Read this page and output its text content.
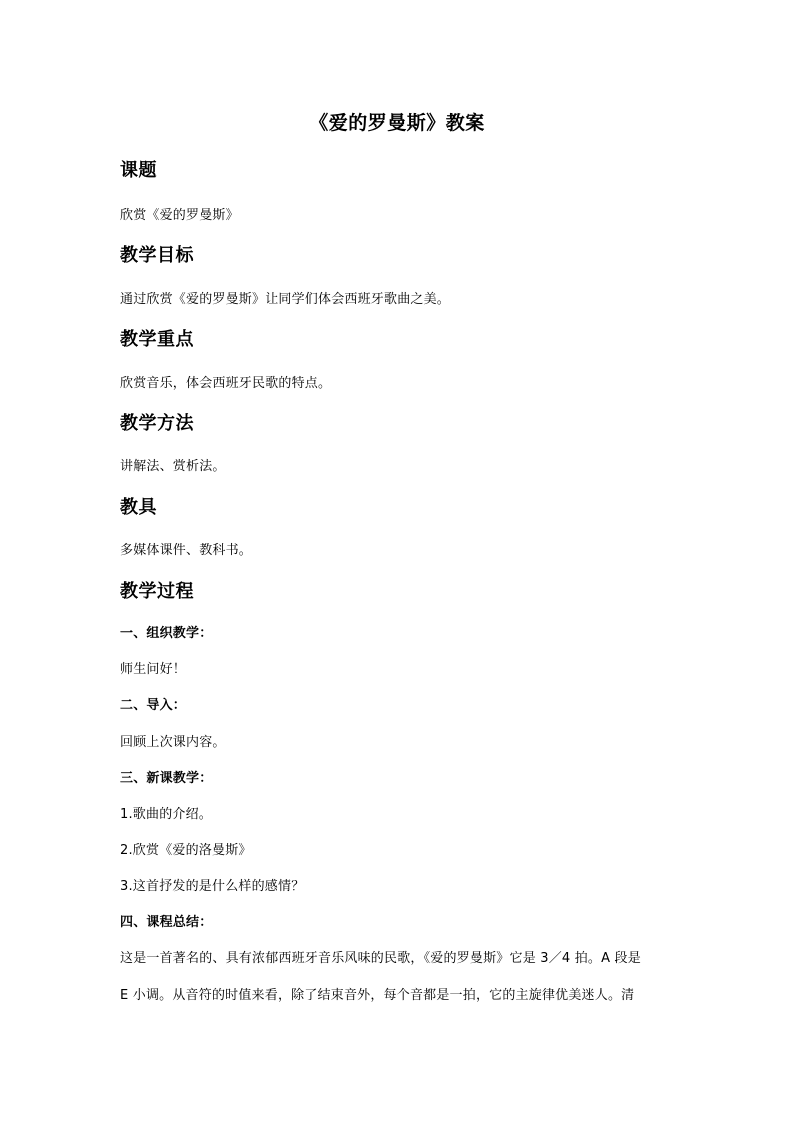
《爱的罗曼斯》教案
课题
欣赏《爱的罗曼斯》
教学目标
通过欣赏《爱的罗曼斯》让同学们体会西班牙歌曲之美。
教学重点
欣赏音乐，体会西班牙民歌的特点。
教学方法
讲解法、赏析法。
教具
多媒体课件、教科书。
教学过程
一、组织教学：
师生问好！
二、导入：
回顾上次课内容。
三、新课教学：
1.歌曲的介绍。
2.欣赏《爱的洛曼斯》
3.这首抒发的是什么样的感情？
四、课程总结：
这是一首著名的、具有浓郁西班牙音乐风味的民歌，《爱的罗曼斯》它是 3／4 拍。A 段是
E 小调。从音符的时值来看，除了结束音外，每个音都是一拍，它的主旋律优美迷人。清
